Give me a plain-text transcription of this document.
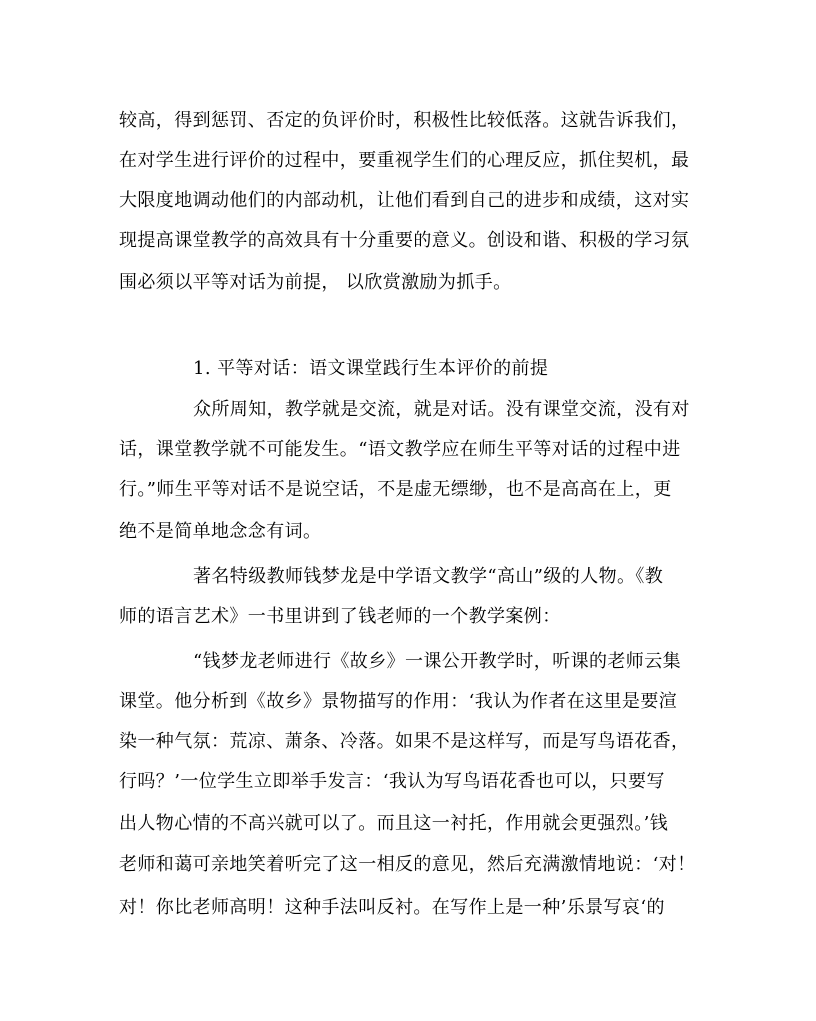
较高，得到惩罚、否定的负评价时，积极性比较低落。这就告诉我们，
在对学生进行评价的过程中，要重视学生们的心理反应，抓住契机，最
大限度地调动他们的内部动机，让他们看到自己的进步和成绩，这对实
现提高课堂教学的高效具有十分重要的意义。创设和谐、积极的学习氛
围必须以平等对话为前提， 以欣赏激励为抓手。
1. 平等对话：语文课堂践行生本评价的前提
众所周知，教学就是交流，就是对话。没有课堂交流，没有对
话，课堂教学就不可能发生。“语文教学应在师生平等对话的过程中进
行。”师生平等对话不是说空话，不是虚无缥缈，也不是高高在上，更
绝不是简单地念念有词。
著名特级教师钱梦龙是中学语文教学“高山”级的人物。《教
师的语言艺术》一书里讲到了钱老师的一个教学案例：
“钱梦龙老师进行《故乡》一课公开教学时，听课的老师云集
课堂。他分析到《故乡》景物描写的作用：‘我认为作者在这里是要渲
染一种气氛：荒凉、萧条、冷落。如果不是这样写，而是写鸟语花香，
行吗？’一位学生立即举手发言：‘我认为写鸟语花香也可以，只要写
出人物心情的不高兴就可以了。而且这一衬托，作用就会更强烈。’钱
老师和蔼可亲地笑着听完了这一相反的意见，然后充满激情地说：‘对！
对！你比老师高明！这种手法叫反衬。在写作上是一种’乐景写哀‘的
